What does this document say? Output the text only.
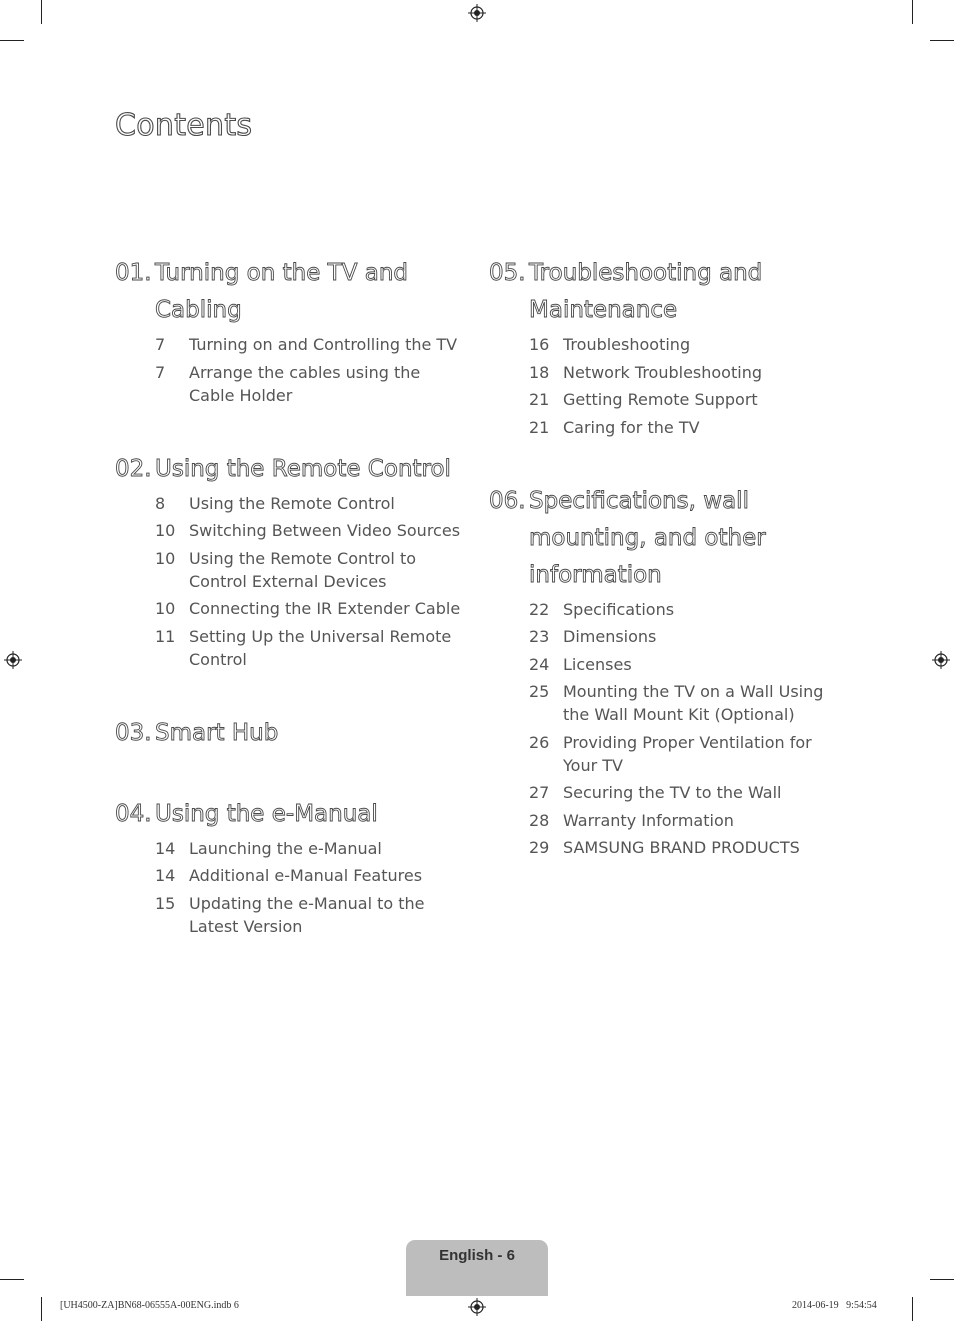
Contents
01. Turning on the TV and Cabling
7	Turning on and Controlling the TV
7	Arrange the cables using the Cable Holder
02. Using the Remote Control
8	Using the Remote Control
10 Switching Between Video Sources
10 Using the Remote Control to Control External Devices
10 Connecting the IR Extender Cable
11 Setting Up the Universal Remote Control
03. Smart Hub
04. Using the e-Manual
14 Launching the e-Manual
14 Additional e-Manual Features
15 Updating the e-Manual to the Latest Version
05. Troubleshooting and Maintenance
16 Troubleshooting
18 Network Troubleshooting
21 Getting Remote Support
21 Caring for the TV
06. Specifications, wall mounting, and other information
22 Specifications
23 Dimensions
24 Licenses
25 Mounting the TV on a Wall Using the Wall Mount Kit (Optional)
26 Providing Proper Ventilation for Your TV
27 Securing the TV to the Wall
28 Warranty Information
29 SAMSUNG BRAND PRODUCTS
English - 6
[UH4500-ZA]BN68-06555A-00ENG.indb 6	2014-06-19   9:54:54
